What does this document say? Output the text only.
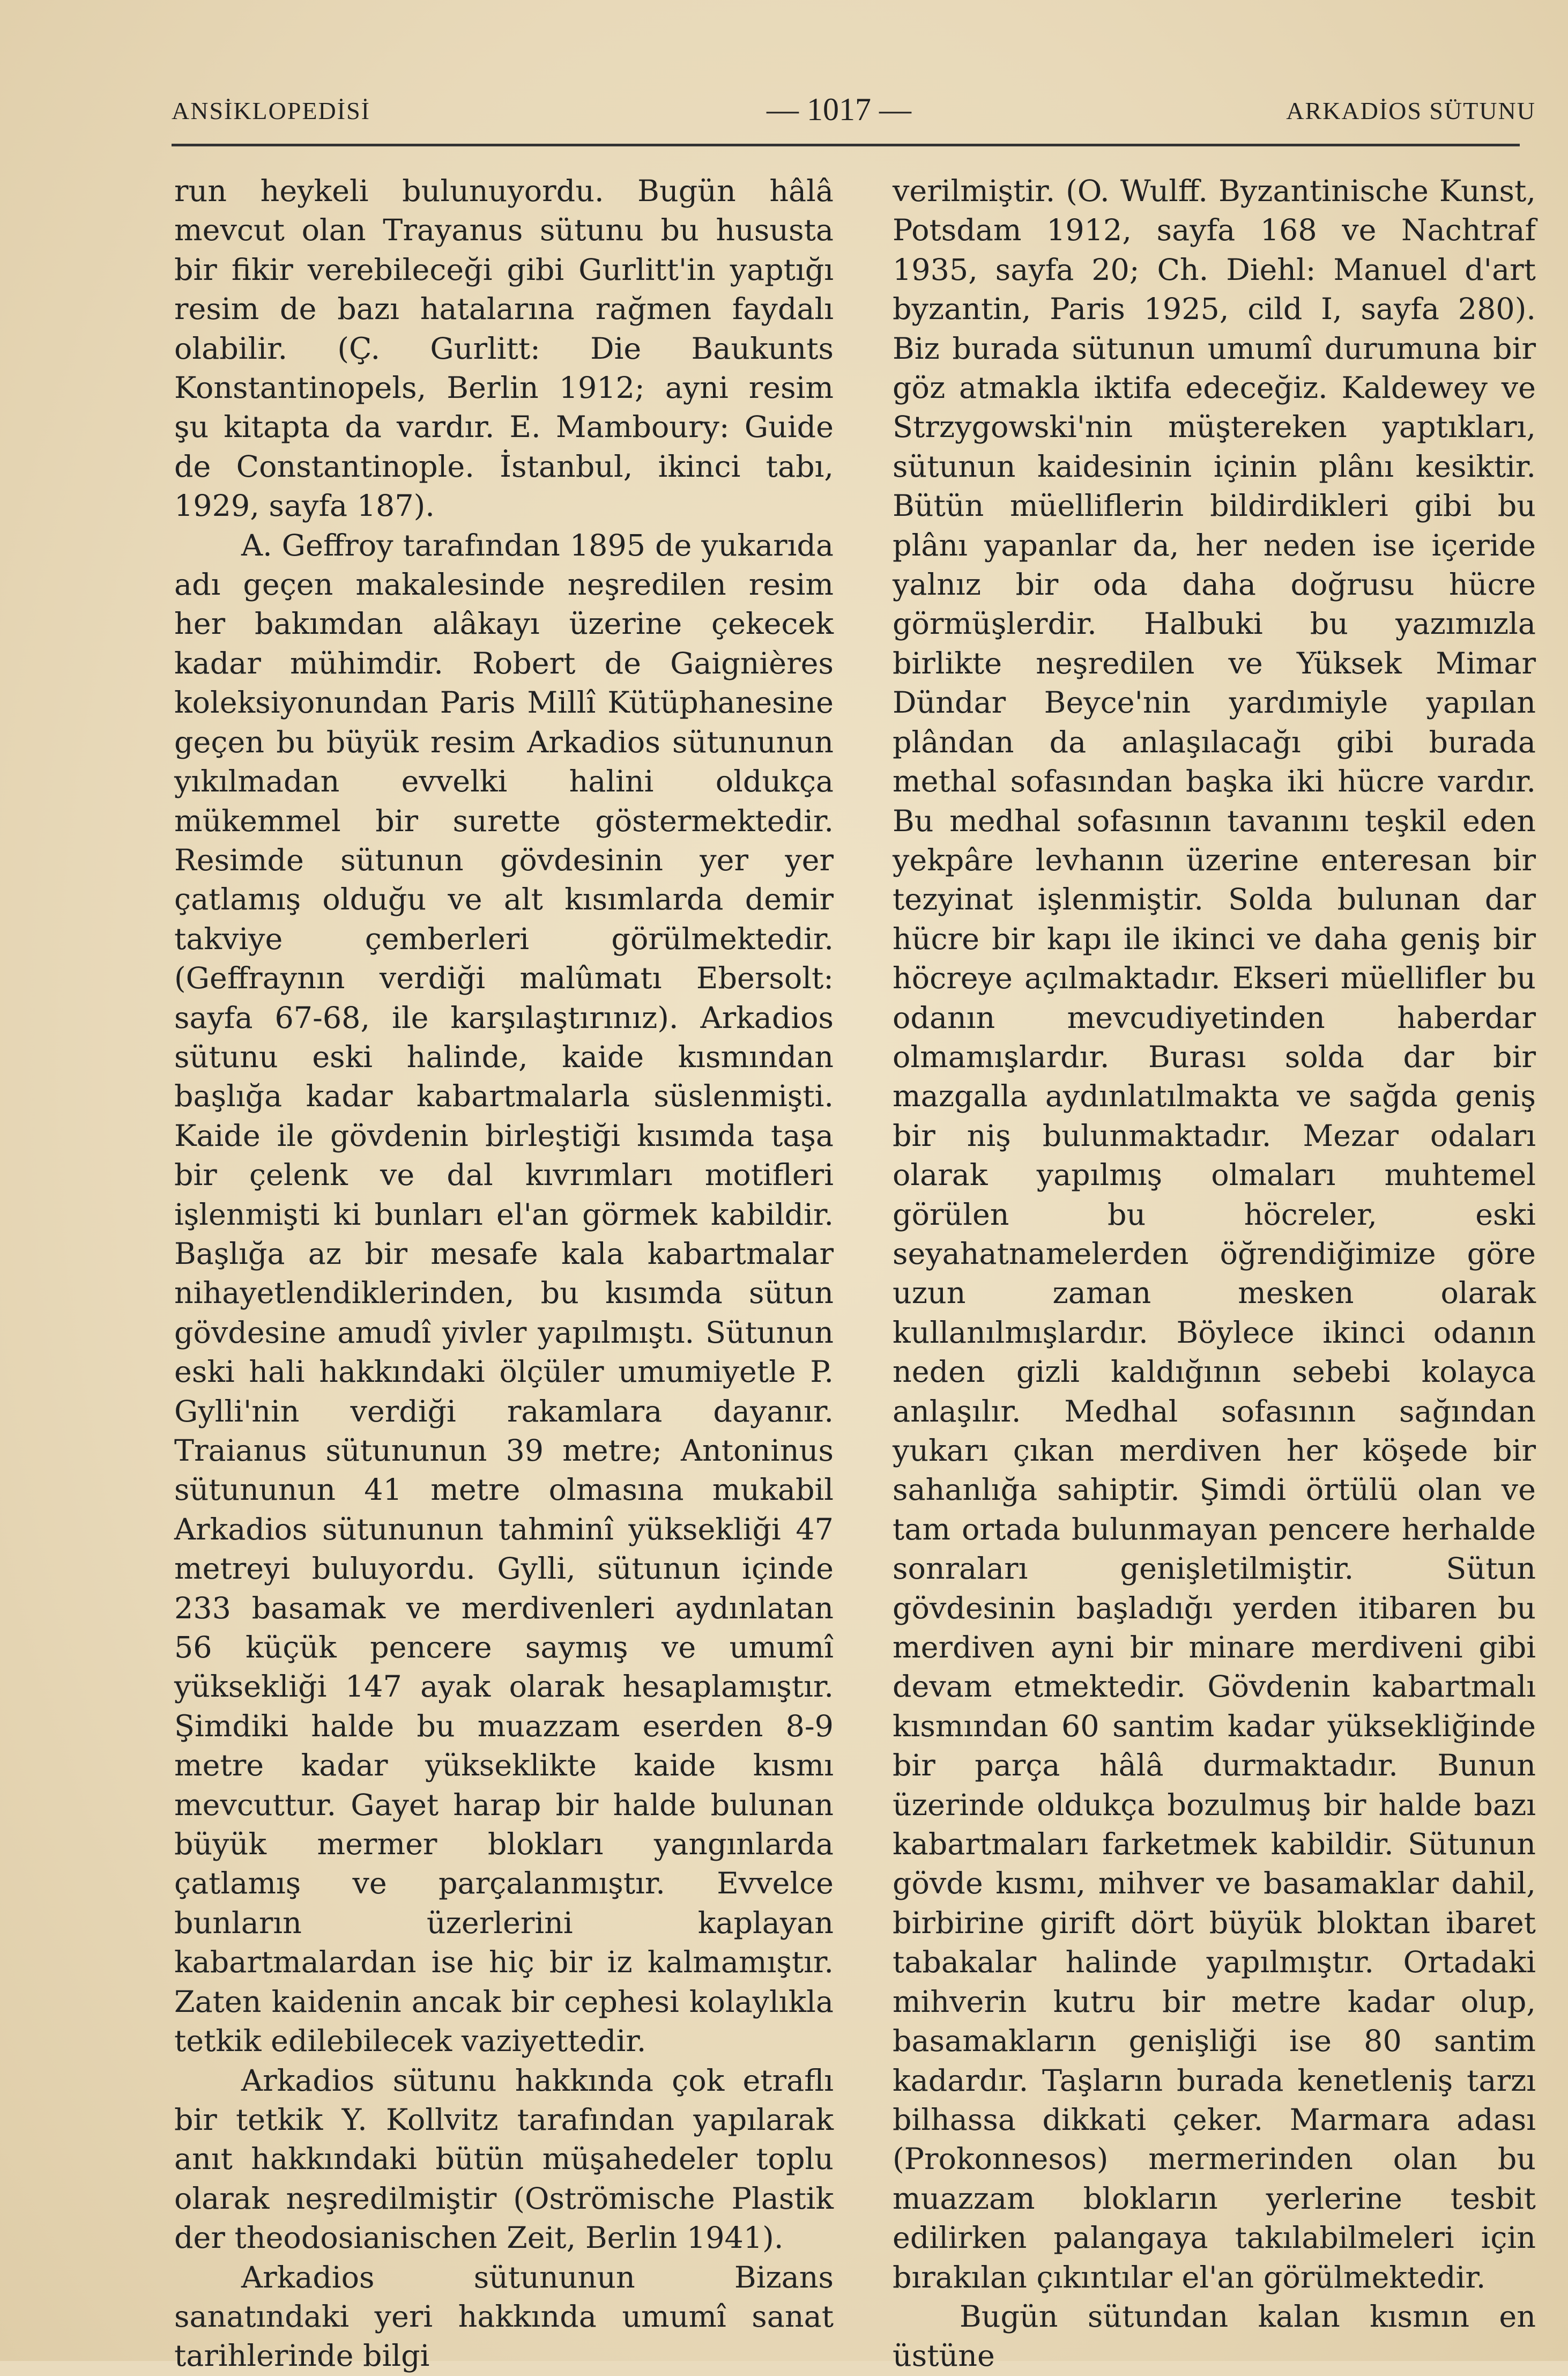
ANSİKLOPEDİSİ	— 1017 —	ARKADİOS SÜTUNU

run heykeli bulunuyordu. Bugün hâlâ mevcut olan Trayanus sütunu bu hususta bir fikir verebileceği gibi Gurlitt'in yaptığı resim de bazı hatalarına rağmen faydalı olabilir. (Ç. Gurlitt: Die Baukunts Konstantinopels, Berlin 1912; ayni resim şu kitapta da vardır. E. Mamboury: Guide de Constantinople. İstanbul, ikinci tabı, 1929, sayfa 187).

A. Geffroy tarafından 1895 de yukarıda adı geçen makalesinde neşredilen resim her bakımdan alâkayı üzerine çekecek kadar mühimdir. Robert de Gaignières koleksiyonundan Paris Millî Kütüphanesine geçen bu büyük resim Arkadios sütununun yıkılmadan evvelki halini oldukça mükemmel bir surette göstermektedir. Resimde sütunun gövdesinin yer yer çatlamış olduğu ve alt kısımlarda demir takviye çemberleri görülmektedir. (Geffraynın verdiği malûmatı Ebersolt: sayfa 67-68, ile karşılaştırınız). Arkadios sütunu eski halinde, kaide kısmından başlığa kadar kabartmalarla süslenmişti. Kaide ile gövdenin birleştiği kısımda taşa bir çelenk ve dal kıvrımları motifleri işlenmişti ki bunları el'an görmek kabildir. Başlığa az bir mesafe kala kabartmalar nihayetlendiklerinden, bu kısımda sütun gövdesine amudî yivler yapılmıştı. Sütunun eski hali hakkındaki ölçüler umumiyetle P. Gylli'nin verdiği rakamlara dayanır. Traianus sütununun 39 metre; Antoninus sütununun 41 metre olmasına mukabil Arkadios sütununun tahminî yüksekliği 47 metreyi buluyordu. Gylli, sütunun içinde 233 basamak ve merdivenleri aydınlatan 56 küçük pencere saymış ve umumî yüksekliği 147 ayak olarak hesaplamıştır. Şimdiki halde bu muazzam eserden 8-9 metre kadar yükseklikte kaide kısmı mevcuttur. Gayet harap bir halde bulunan büyük mermer blokları yangınlarda çatlamış ve parçalanmıştır. Evvelce bunların üzerlerini kaplayan kabartmalardan ise hiç bir iz kalmamıştır. Zaten kaidenin ancak bir cephesi kolaylıkla tetkik edilebilecek vaziyettedir.

Arkadios sütunu hakkında çok etraflı bir tetkik Y. Kollvitz tarafından yapılarak anıt hakkındaki bütün müşahedeler toplu olarak neşredilmiştir (Oströmische Plastik der theodosianischen Zeit, Berlin 1941).

Arkadios sütununun Bizans sanatındaki yeri hakkında umumî sanat tarihlerinde bilgi

verilmiştir. (O. Wulff. Byzantinische Kunst, Potsdam 1912, sayfa 168 ve Nachtraf 1935, sayfa 20; Ch. Diehl: Manuel d'art byzantin, Paris 1925, cild I, sayfa 280). Biz burada sütunun umumî durumuna bir göz atmakla iktifa edeceğiz. Kaldewey ve Strzygowski'nin müştereken yaptıkları, sütunun kaidesinin içinin plânı kesiktir. Bütün müelliflerin bildirdikleri gibi bu plânı yapanlar da, her neden ise içeride yalnız bir oda daha doğrusu hücre görmüşlerdir. Halbuki bu yazımızla birlikte neşredilen ve Yüksek Mimar Dündar Beyce'nin yardımiyle yapılan plândan da anlaşılacağı gibi burada methal sofasından başka iki hücre vardır. Bu medhal sofasının tavanını teşkil eden yekpâre levhanın üzerine enteresan bir tezyinat işlenmiştir. Solda bulunan dar hücre bir kapı ile ikinci ve daha geniş bir höcreye açılmaktadır. Ekseri müellifler bu odanın mevcudiyetinden haberdar olmamışlardır. Burası solda dar bir mazgalla aydınlatılmakta ve sağda geniş bir niş bulunmaktadır. Mezar odaları olarak yapılmış olmaları muhtemel görülen bu höcreler, eski seyahatnamelerden öğrendiğimize göre uzun zaman mesken olarak kullanılmışlardır. Böylece ikinci odanın neden gizli kaldığının sebebi kolayca anlaşılır. Medhal sofasının sağından yukarı çıkan merdiven her köşede bir sahanlığa sahiptir. Şimdi örtülü olan ve tam ortada bulunmayan pencere herhalde sonraları genişletilmiştir. Sütun gövdesinin başladığı yerden itibaren bu merdiven ayni bir minare merdiveni gibi devam etmektedir. Gövdenin kabartmalı kısmından 60 santim kadar yüksekliğinde bir parça hâlâ durmaktadır. Bunun üzerinde oldukça bozulmuş bir halde bazı kabartmaları farketmek kabildir. Sütunun gövde kısmı, mihver ve basamaklar dahil, birbirine girift dört büyük bloktan ibaret tabakalar halinde yapılmıştır. Ortadaki mihverin kutru bir metre kadar olup, basamakların genişliği ise 80 santim kadardır. Taşların burada kenetleniş tarzı bilhassa dikkati çeker. Marmara adası (Prokonnesos) mermerinden olan bu muazzam blokların yerlerine tesbit edilirken palangaya takılabilmeleri için bırakılan çıkıntılar el'an görülmektedir.

Bugün sütundan kalan kısmın en üstüne
